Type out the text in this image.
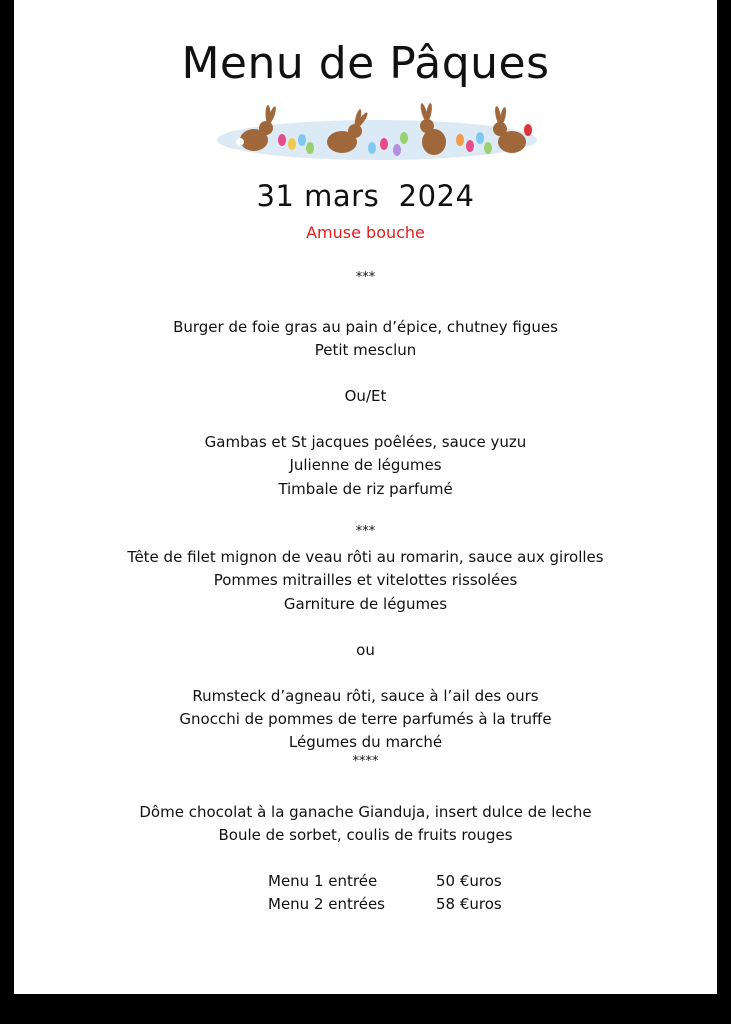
Menu de Pâques
31 mars  2024
Amuse bouche
***
Burger de foie gras au pain d’épice, chutney figues
Petit mesclun
Ou/Et
Gambas et St jacques poêlées, sauce yuzu
Julienne de légumes
Timbale de riz parfumé
***
Tête de filet mignon de veau rôti au romarin, sauce aux girolles
Pommes mitrailles et vitelottes rissolées
Garniture de légumes
ou
Rumsteck d’agneau rôti, sauce à l’ail des ours
Gnocchi de pommes de terre parfumés à la truffe
Légumes du marché
****
Dôme chocolat à la ganache Gianduja, insert dulce de leche
Boule de sorbet, coulis de fruits rouges
Menu 1 entrée	50 €uros
Menu 2 entrées	58 €uros
